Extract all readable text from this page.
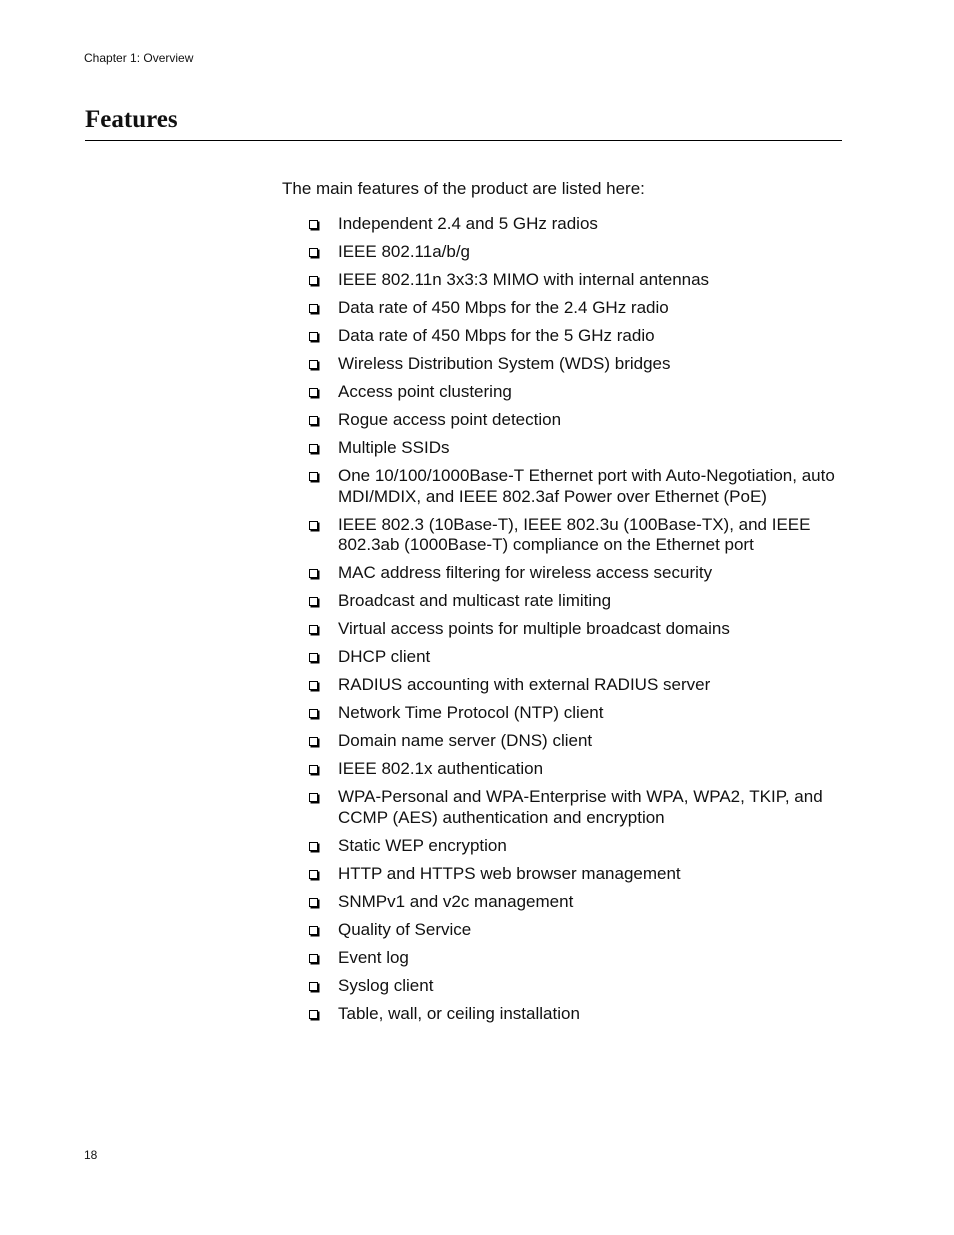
Chapter 1: Overview
Features

The main features of the product are listed here:

Independent 2.4 and 5 GHz radios
IEEE 802.11a/b/g
IEEE 802.11n 3x3:3 MIMO with internal antennas
Data rate of 450 Mbps for the 2.4 GHz radio
Data rate of 450 Mbps for the 5 GHz radio
Wireless Distribution System (WDS) bridges
Access point clustering
Rogue access point detection
Multiple SSIDs
One 10/100/1000Base-T Ethernet port with Auto-Negotiation, auto MDI/MDIX, and IEEE 802.3af Power over Ethernet (PoE)
IEEE 802.3 (10Base-T), IEEE 802.3u (100Base-TX), and IEEE 802.3ab (1000Base-T) compliance on the Ethernet port
MAC address filtering for wireless access security
Broadcast and multicast rate limiting
Virtual access points for multiple broadcast domains
DHCP client
RADIUS accounting with external RADIUS server
Network Time Protocol (NTP) client
Domain name server (DNS) client
IEEE 802.1x authentication
WPA-Personal and WPA-Enterprise with WPA, WPA2, TKIP, and CCMP (AES) authentication and encryption
Static WEP encryption
HTTP and HTTPS web browser management
SNMPv1 and v2c management
Quality of Service
Event log
Syslog client
Table, wall, or ceiling installation
18
